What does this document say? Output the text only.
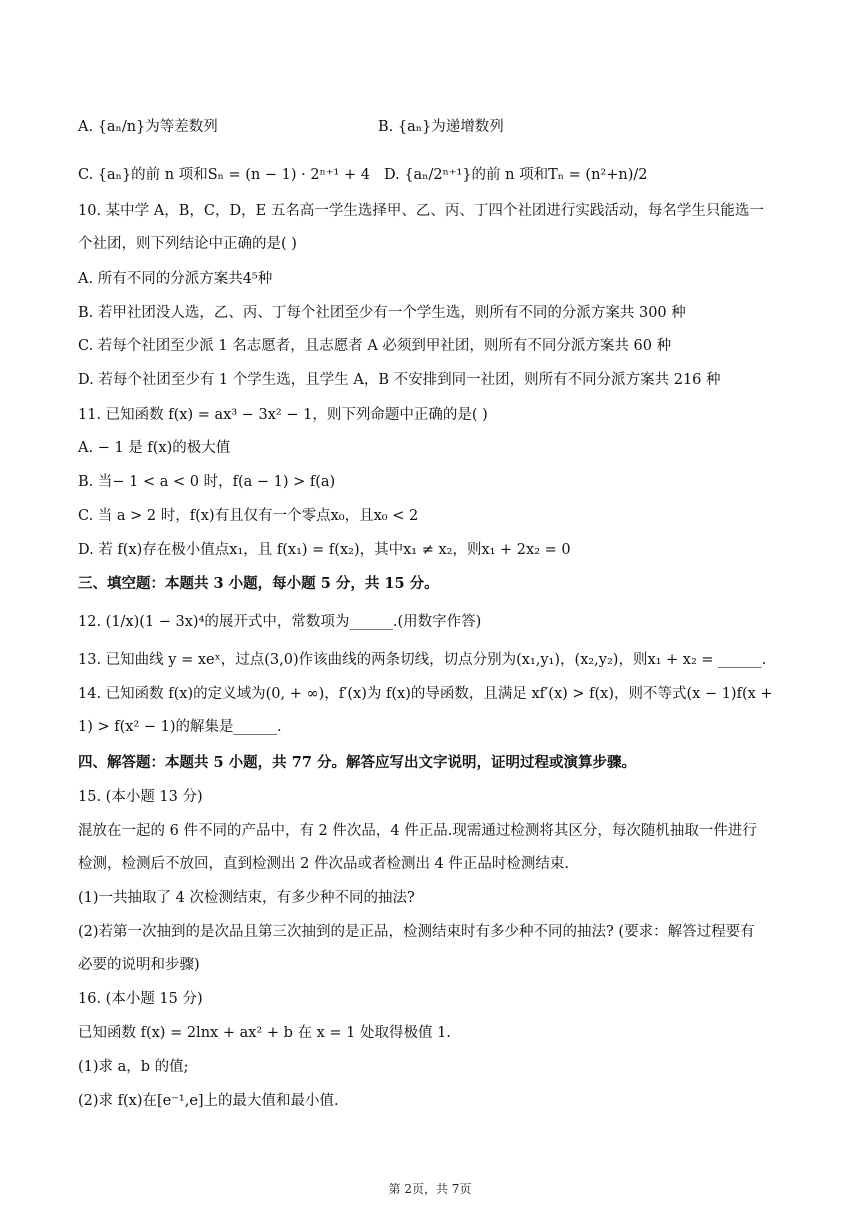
A. {aₙ/n}为等差数列	B. {aₙ}为递增数列
C. {aₙ}的前 n 项和Sₙ = (n − 1) · 2ⁿ⁺¹ + 4 D. {aₙ/2ⁿ⁺¹}的前 n 项和Tₙ = (n²+n)/2
10. 某中学 A，B，C，D，E 五名高一学生选择甲、乙、丙、丁四个社团进行实践活动，每名学生只能选一
个社团，则下列结论中正确的是( )
A. 所有不同的分派方案共4⁵种
B. 若甲社团没人选，乙、丙、丁每个社团至少有一个学生选，则所有不同的分派方案共 300 种
C. 若每个社团至少派 1 名志愿者，且志愿者 A 必须到甲社团，则所有不同分派方案共 60 种
D. 若每个社团至少有 1 个学生选，且学生 A，B 不安排到同一社团，则所有不同分派方案共 216 种
11. 已知函数 f(x) = ax³ − 3x² − 1，则下列命题中正确的是( )
A. − 1 是 f(x)的极大值
B. 当− 1 < a < 0 时，f(a − 1) > f(a)
C. 当 a > 2 时，f(x)有且仅有一个零点x₀，且x₀ < 2
D. 若 f(x)存在极小值点x₁，且 f(x₁) = f(x₂)，其中x₁ ≠ x₂，则x₁ + 2x₂ = 0
三、填空题：本题共 3 小题，每小题 5 分，共 15 分。
12. (1/x)(1 − 3x)⁴的展开式中，常数项为______.(用数字作答)
13. 已知曲线 y = xeˣ，过点(3,0)作该曲线的两条切线，切点分别为(x₁,y₁)，(x₂,y₂)，则x₁ + x₂ = ______.
14. 已知函数 f(x)的定义域为(0, + ∞)，f′(x)为 f(x)的导函数，且满足 xf′(x) > f(x)，则不等式(x − 1)f(x +
1) > f(x² − 1)的解集是______.
四、解答题：本题共 5 小题，共 77 分。解答应写出文字说明，证明过程或演算步骤。
15. (本小题 13 分)
混放在一起的 6 件不同的产品中，有 2 件次品，4 件正品.现需通过检测将其区分，每次随机抽取一件进行
检测，检测后不放回，直到检测出 2 件次品或者检测出 4 件正品时检测结束.
(1)一共抽取了 4 次检测结束，有多少种不同的抽法?
(2)若第一次抽到的是次品且第三次抽到的是正品，检测结束时有多少种不同的抽法? (要求：解答过程要有
必要的说明和步骤)
16. (本小题 15 分)
已知函数 f(x) = 2lnx + ax² + b 在 x = 1 处取得极值 1.
(1)求 a，b 的值;
(2)求 f(x)在[e⁻¹,e]上的最大值和最小值.
第 2页，共 7页
